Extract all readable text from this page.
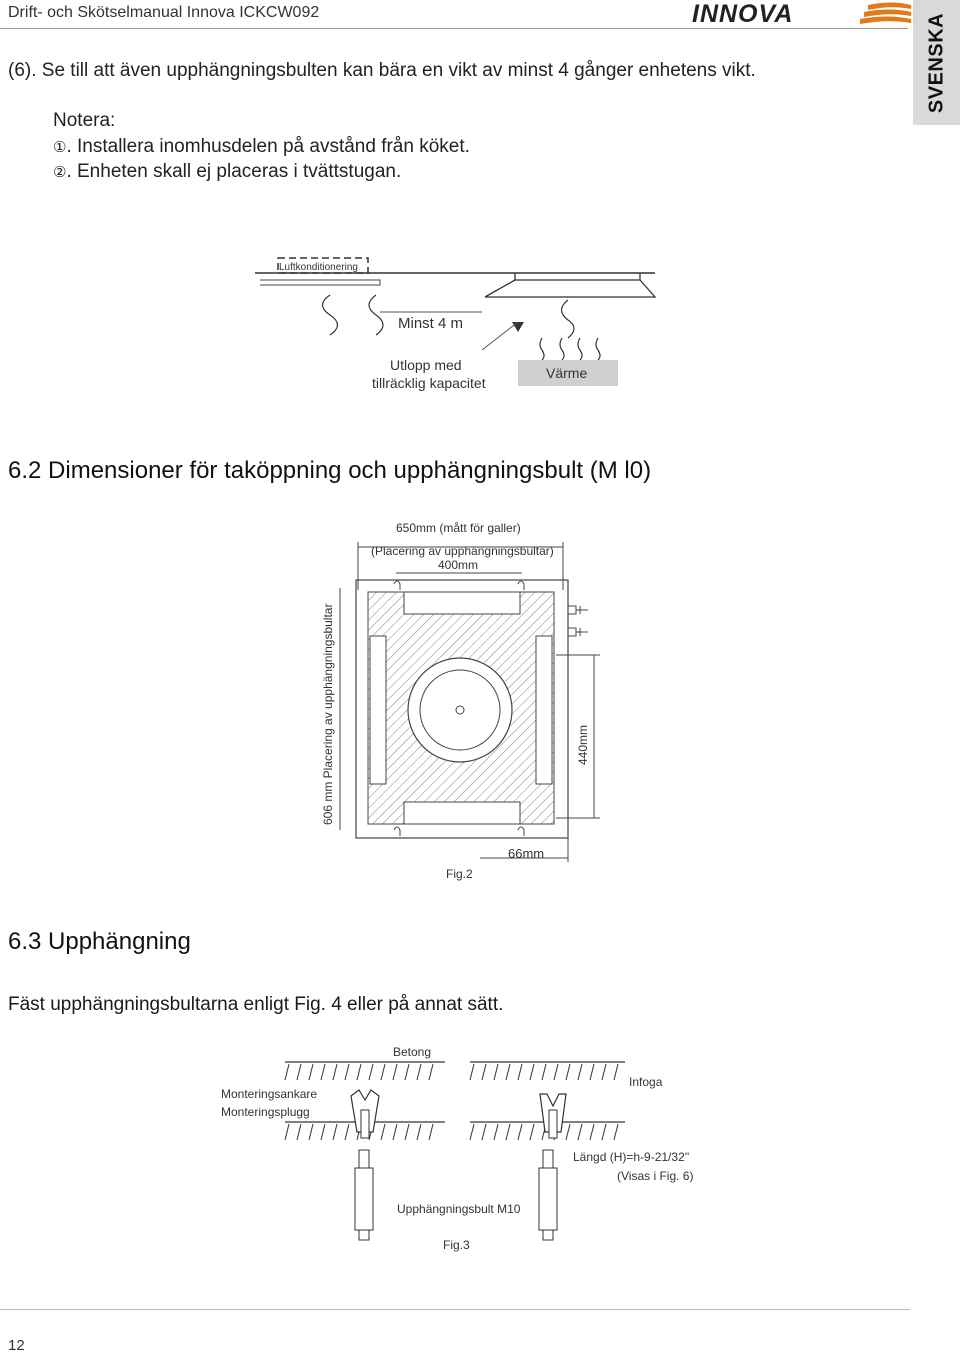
Drift- och Skötselmanual Innova ICKCW092	INNOVA	SVENSKA
(6). Se till att även upphängningsbulten kan bära en vikt av minst 4 gånger enhetens vikt.
Notera:
①. Installera inomhusdelen på avstånd från köket.
②. Enheten skall ej placeras i tvättstugan.
Luftkonditionering
Minst 4 m
Utlopp med
tillräcklig kapacitet
Värme
6.2 Dimensioner för taköppning och upphängningsbult (M l0)
650mm (mått för galler)
(Placering av upphängningsbultar)
400mm
606 mm Placering av upphängningsbultar	440mm
66mm
Fig.2
6.3 Upphängning
Fäst upphängningsbultarna enligt Fig. 4 eller på annat sätt.
Betong
Monteringsankare
Monteringsplugg
Infoga
Längd (H)=h-9-21/32''
(Visas i Fig. 6)
Upphängningsbult M10
Fig.3
12
